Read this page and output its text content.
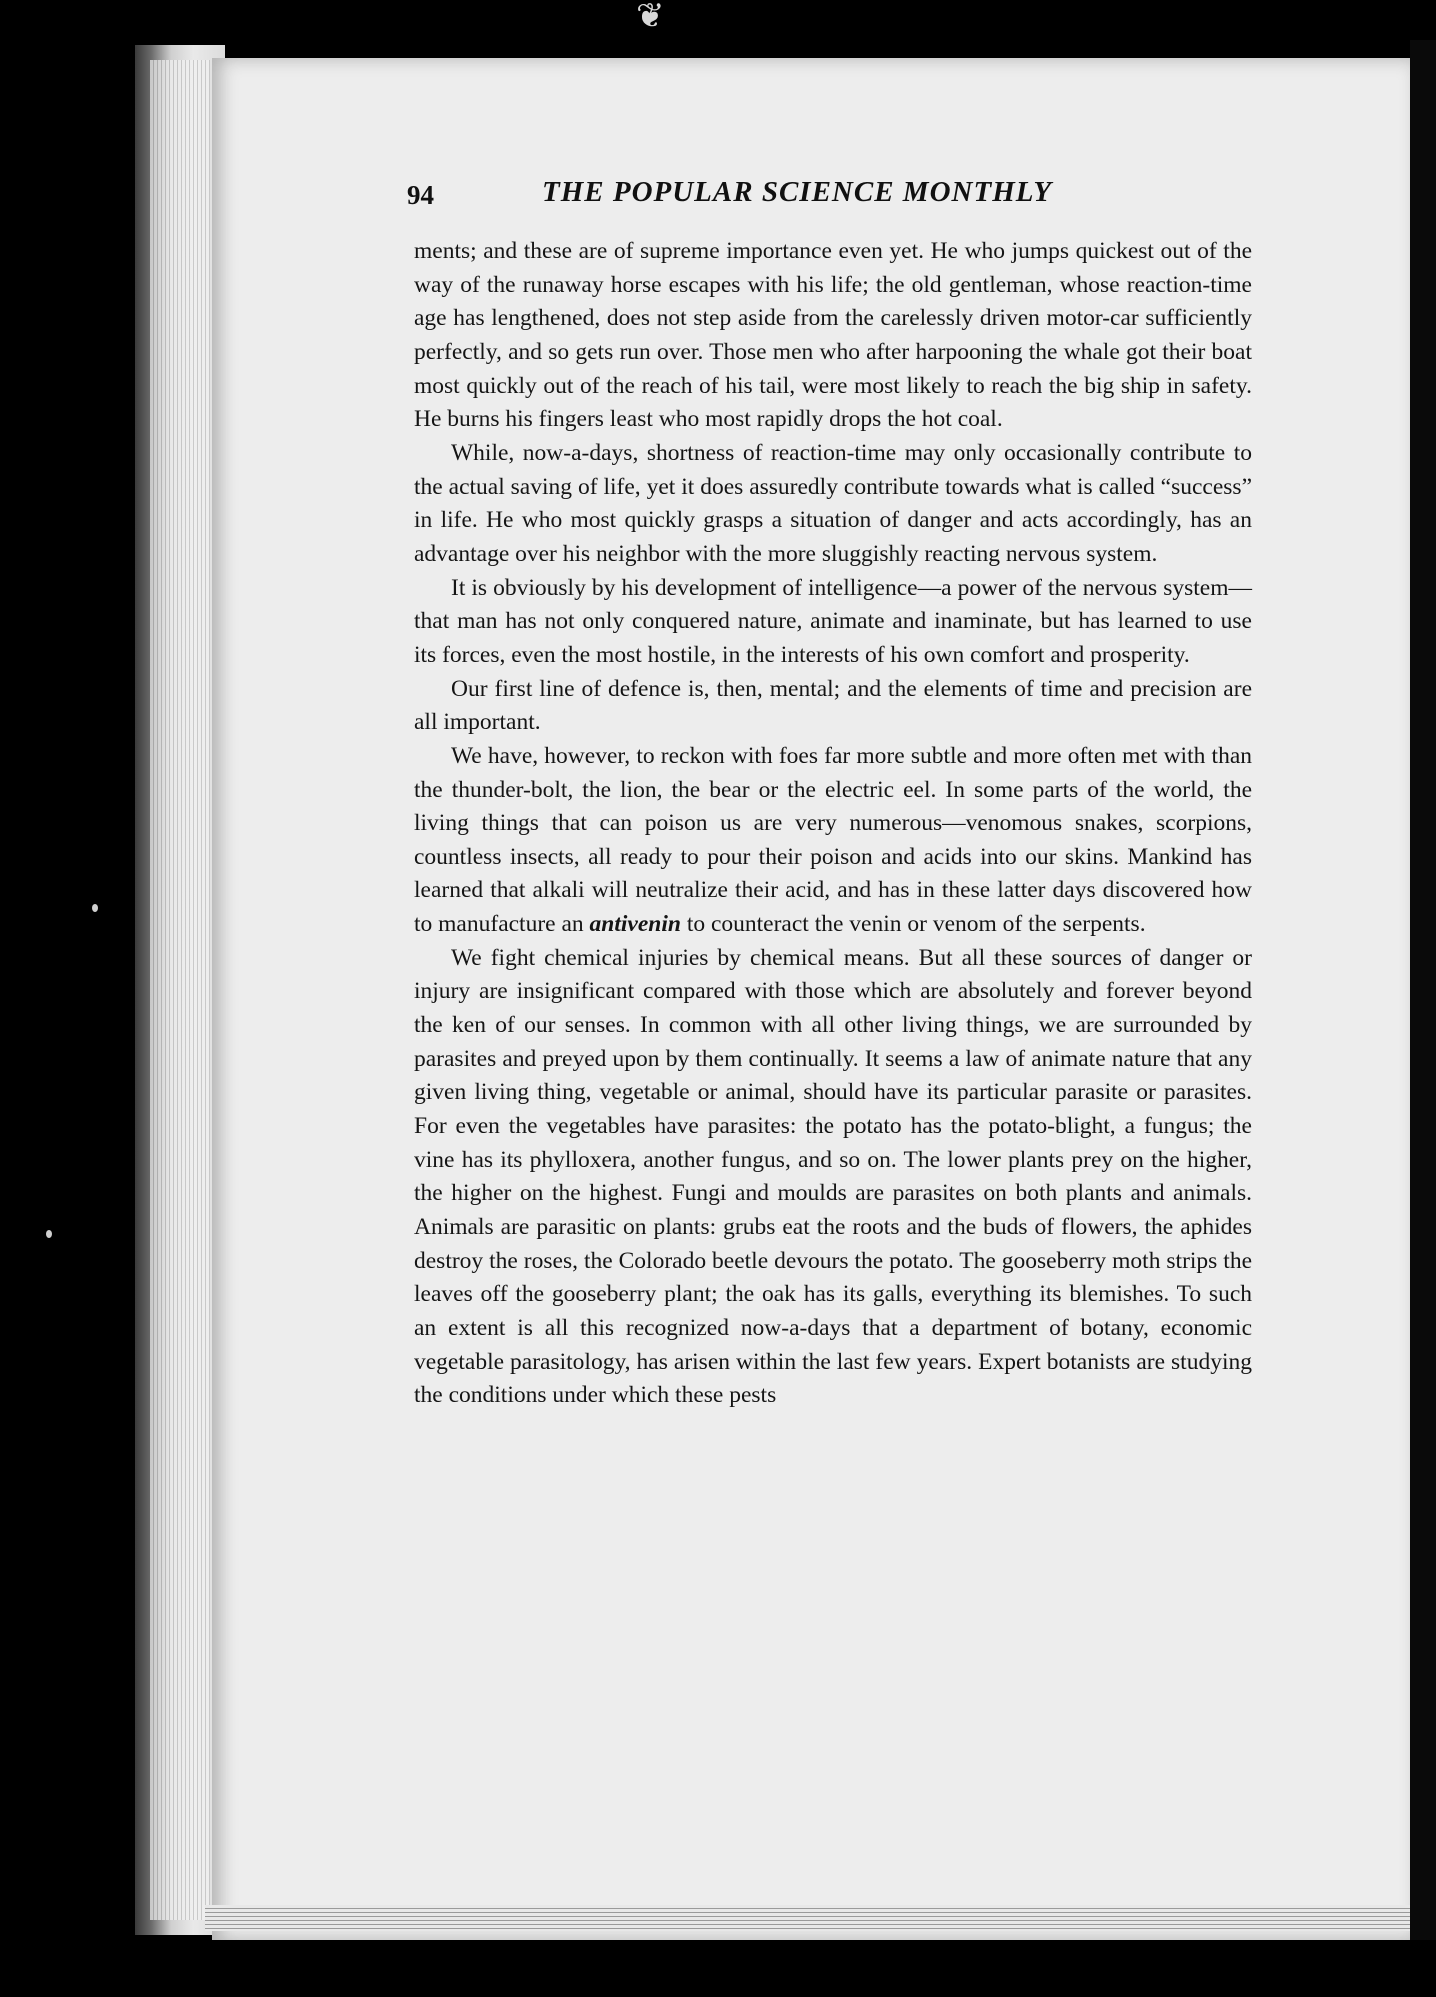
❦
94	THE POPULAR SCIENCE MONTHLY

ments; and these are of supreme importance even yet. He who jumps quickest out of the way of the runaway horse escapes with his life; the old gentleman, whose reaction-time age has lengthened, does not step aside from the carelessly driven motor-car sufficiently perfectly, and so gets run over. Those men who after harpooning the whale got their boat most quickly out of the reach of his tail, were most likely to reach the big ship in safety. He burns his fingers least who most rapidly drops the hot coal.

While, now-a-days, shortness of reaction-time may only occasionally contribute to the actual saving of life, yet it does assuredly contribute towards what is called “success” in life. He who most quickly grasps a situation of danger and acts accordingly, has an advantage over his neighbor with the more sluggishly reacting nervous system.

It is obviously by his development of intelligence—a power of the nervous system—that man has not only conquered nature, animate and inaminate, but has learned to use its forces, even the most hostile, in the interests of his own comfort and prosperity.

Our first line of defence is, then, mental; and the elements of time and precision are all important.

We have, however, to reckon with foes far more subtle and more often met with than the thunder-bolt, the lion, the bear or the electric eel. In some parts of the world, the living things that can poison us are very numerous—venomous snakes, scorpions, countless insects, all ready to pour their poison and acids into our skins. Mankind has learned that alkali will neutralize their acid, and has in these latter days discovered how to manufacture an antivenin to counteract the venin or venom of the serpents.

We fight chemical injuries by chemical means. But all these sources of danger or injury are insignificant compared with those which are absolutely and forever beyond the ken of our senses. In common with all other living things, we are surrounded by parasites and preyed upon by them continually. It seems a law of animate nature that any given living thing, vegetable or animal, should have its particular parasite or parasites. For even the vegetables have parasites: the potato has the potato-blight, a fungus; the vine has its phylloxera, another fungus, and so on. The lower plants prey on the higher, the higher on the highest. Fungi and moulds are parasites on both plants and animals. Animals are parasitic on plants: grubs eat the roots and the buds of flowers, the aphides destroy the roses, the Colorado beetle devours the potato. The gooseberry moth strips the leaves off the gooseberry plant; the oak has its galls, everything its blemishes. To such an extent is all this recognized now-a-days that a department of botany, economic vegetable parasitology, has arisen within the last few years. Expert botanists are studying the conditions under which these pests
